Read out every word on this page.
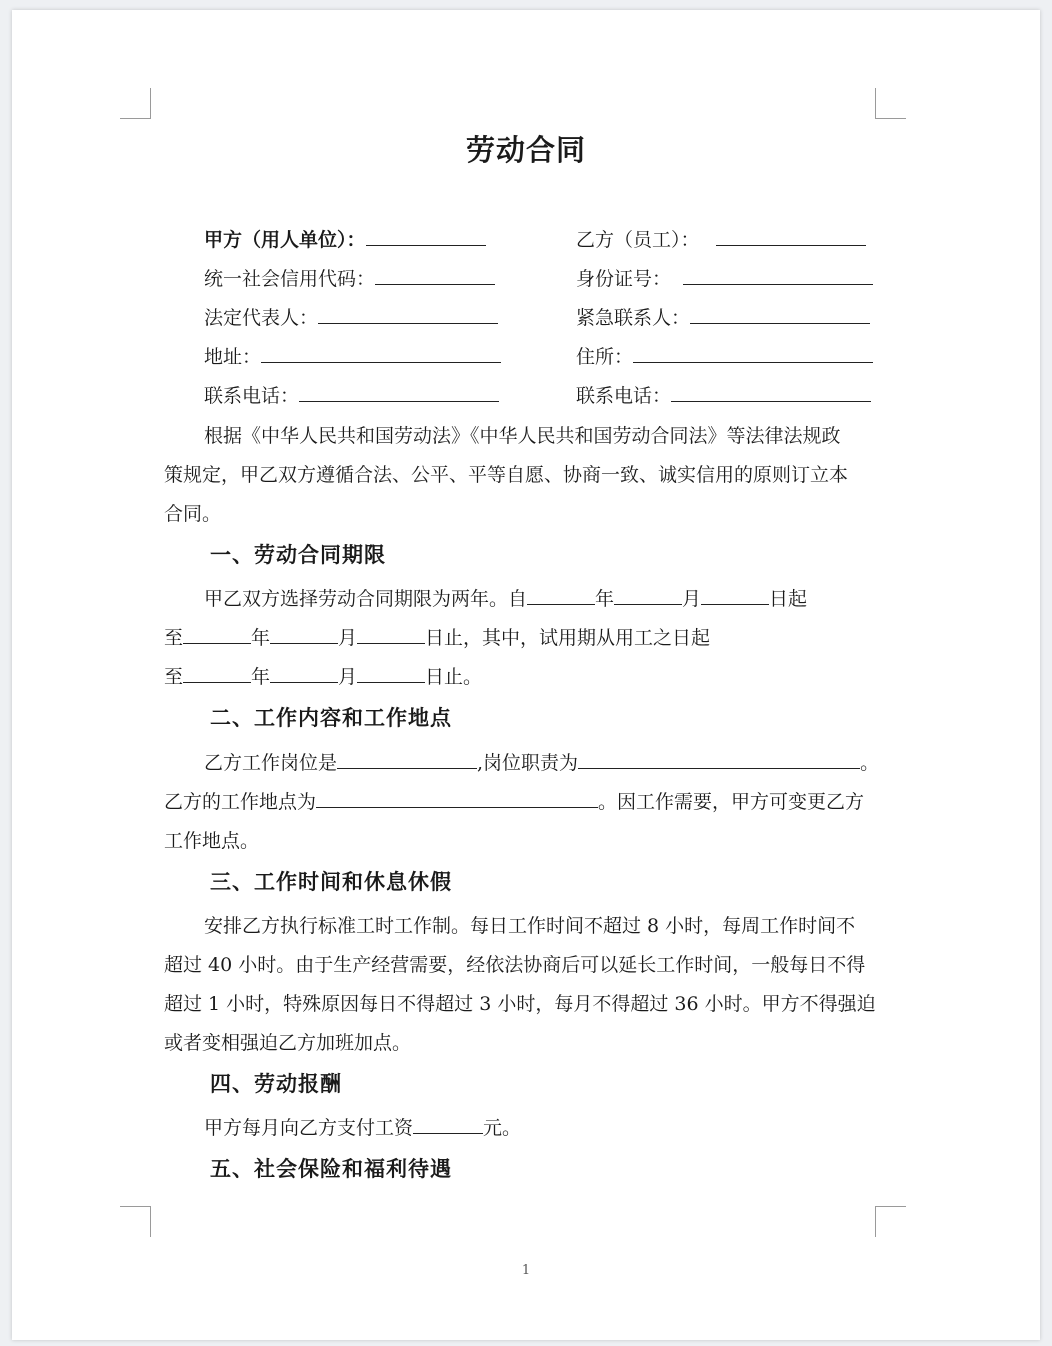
劳动合同
甲方（用人单位）：	乙方（员工）：
统一社会信用代码：	身份证号：
法定代表人：	紧急联系人：
地址：	住所：
联系电话：	联系电话：
根据《中华人民共和国劳动法》《中华人民共和国劳动合同法》等法律法规政
策规定，甲乙双方遵循合法、公平、平等自愿、协商一致、诚实信用的原则订立本
合同。
一、劳动合同期限
甲乙双方选择劳动合同期限为两年。自	年	月	日起
至	年	月	日止，其中，试用期从用工之日起
至	年	月	日止。
二、工作内容和工作地点
乙方工作岗位是	,岗位职责为	。
乙方的工作地点为	。因工作需要，甲方可变更乙方
工作地点。
三、工作时间和休息休假
安排乙方执行标准工时工作制。每日工作时间不超过 8 小时，每周工作时间不
超过 40 小时。由于生产经营需要，经依法协商后可以延长工作时间，一般每日不得
超过 1 小时，特殊原因每日不得超过 3 小时，每月不得超过 36 小时。甲方不得强迫
或者变相强迫乙方加班加点。
四、劳动报酬
甲方每月向乙方支付工资	元。
五、社会保险和福利待遇
1
